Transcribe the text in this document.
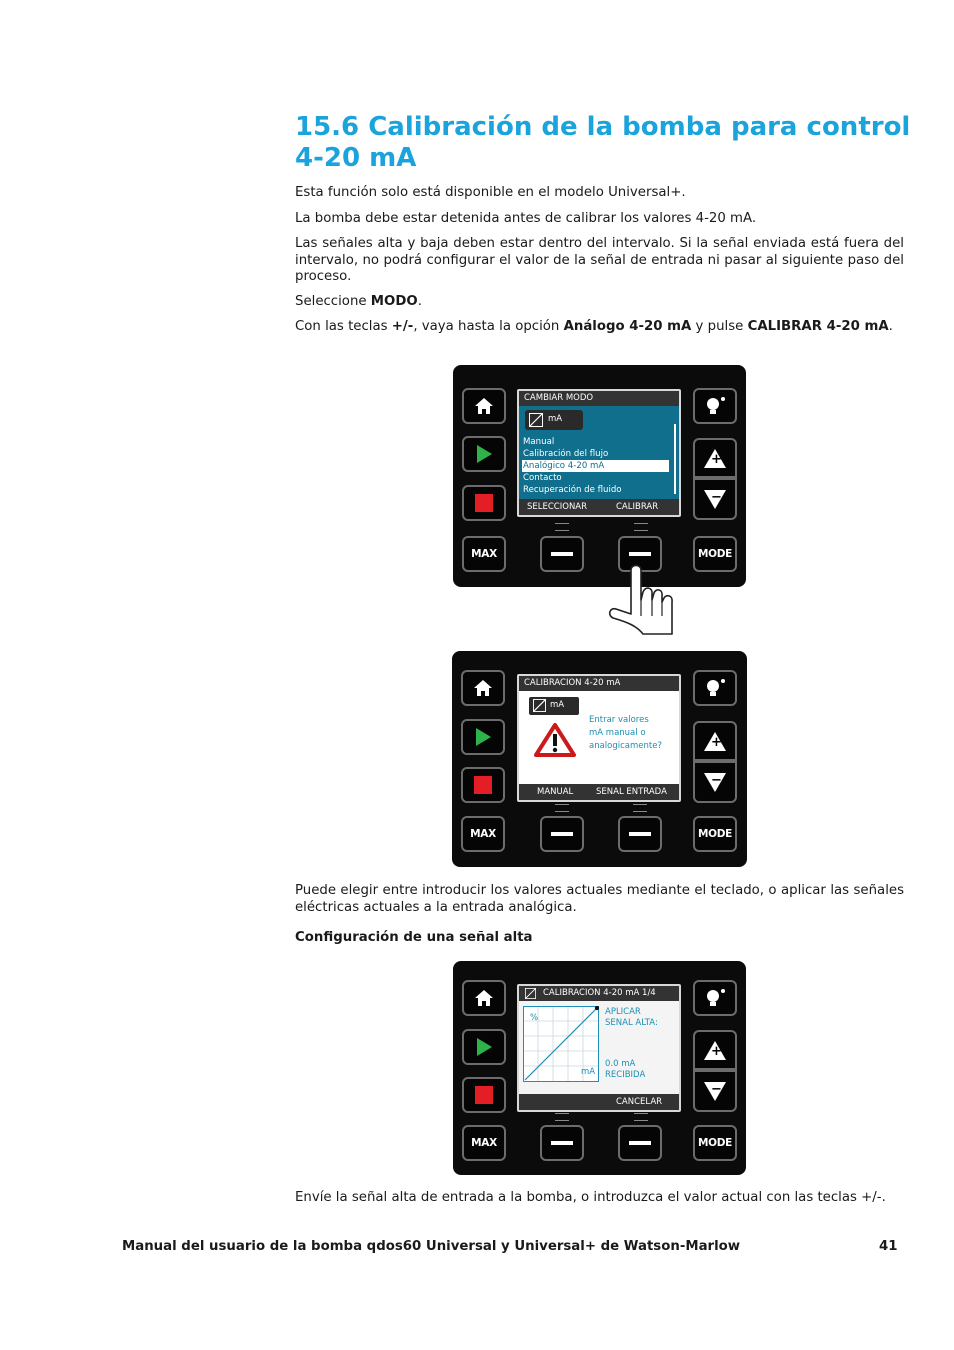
15.6 Calibración de la bomba para control
4-20 mA

Esta función solo está disponible en el modelo Universal+.

La bomba debe estar detenida antes de calibrar los valores 4-20 mA.

Las señales alta y baja deben estar dentro del intervalo. Si la señal enviada está fuera del intervalo, no podrá configurar el valor de la señal de entrada ni pasar al siguiente paso del proceso.

Seleccione MODO.

Con las teclas +/-, vaya hasta la opción Análogo 4-20 mA y pulse CALIBRAR 4-20 mA.

MAX
+
−
MODE
CAMBIAR MODO
mA
Manual
Calibración del flujo
Analógico 4-20 mA
Contacto
Recuperación de fluido
SELECCIONAR	CALIBRAR
MAX
+
−
MODE
CALIBRACION 4-20 mA
mA
Entrar valores
mA manual o
analogicamente?
MANUAL	SENAL ENTRADA

Puede elegir entre introducir los valores actuales mediante el teclado, o aplicar las señales eléctricas actuales a la entrada analógica.

Configuración de una señal alta

MAX
+
−
MODE
CALIBRACION 4-20 mA 1/4
%
mA
APLICAR
SENAL ALTA:
0.0 mA
RECIBIDA
CANCELAR

Envíe la señal alta de entrada a la bomba, o introduzca el valor actual con las teclas +/-.

Manual del usuario de la bomba qdos60 Universal y Universal+ de Watson-Marlow	41
